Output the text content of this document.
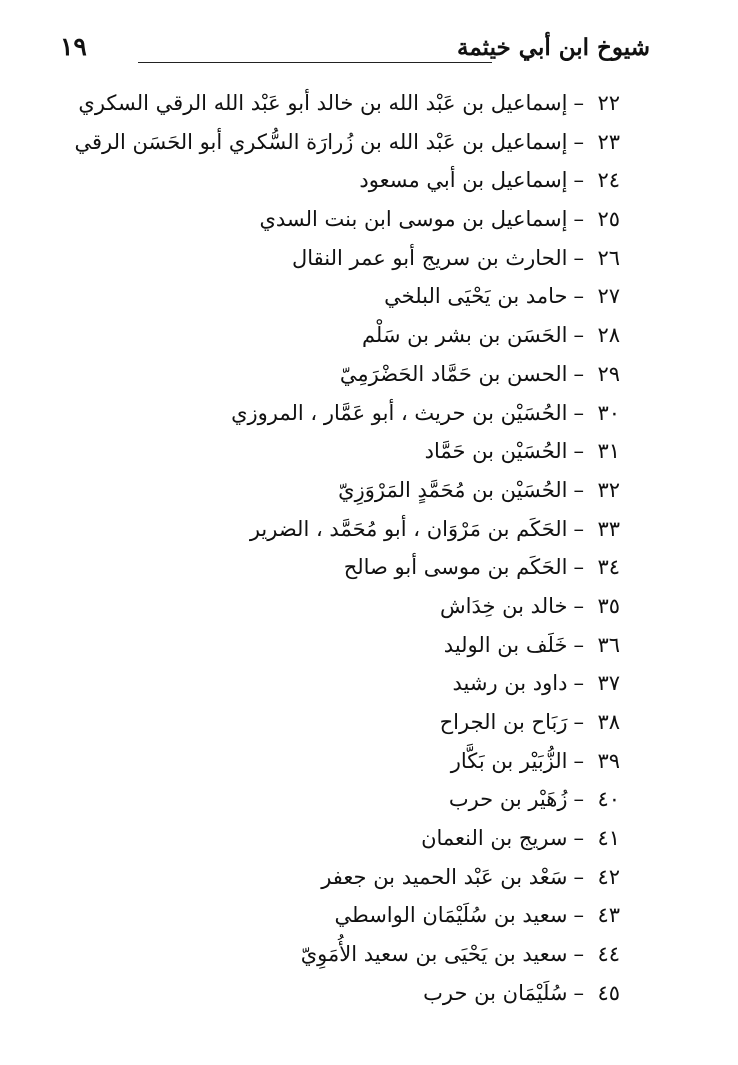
شيوخ ابن أبي خيثمة
١٩
٢٢–إسماعيل بن عَبْد الله بن خالد أبو عَبْد الله الرقي السكري
٢٣–إسماعيل بن عَبْد الله بن زُرارَة السُّكري أبو الحَسَن الرقي
٢٤–إسماعيل بن أبي مسعود
٢٥–إسماعيل بن موسى ابن بنت السدي
٢٦–الحارث بن سريج أبو عمر النقال
٢٧–حامد بن يَحْيَى البلخي
٢٨–الحَسَن بن بشر بن سَلْم
٢٩–الحسن بن حَمَّاد الحَضْرَمِيّ
٣٠–الحُسَيْن بن حريث ، أبو عَمَّار ، المروزي
٣١–الحُسَيْن بن حَمَّاد
٣٢–الحُسَيْن بن مُحَمَّدٍ المَرْوَزِيّ
٣٣–الحَكَم بن مَرْوَان ، أبو مُحَمَّد ، الضرير
٣٤–الحَكَم بن موسى أبو صالح
٣٥–خالد بن خِدَاش
٣٦–خَلَف بن الوليد
٣٧–داود بن رشيد
٣٨–رَبَاح بن الجراح
٣٩–الزُّبَيْر بن بَكَّار
٤٠–زُهَيْر بن حرب
٤١–سريج بن النعمان
٤٢–سَعْد بن عَبْد الحميد بن جعفر
٤٣–سعيد بن سُلَيْمَان الواسطي
٤٤–سعيد بن يَحْيَى بن سعيد الأُمَوِيّ
٤٥–سُلَيْمَان بن حرب
